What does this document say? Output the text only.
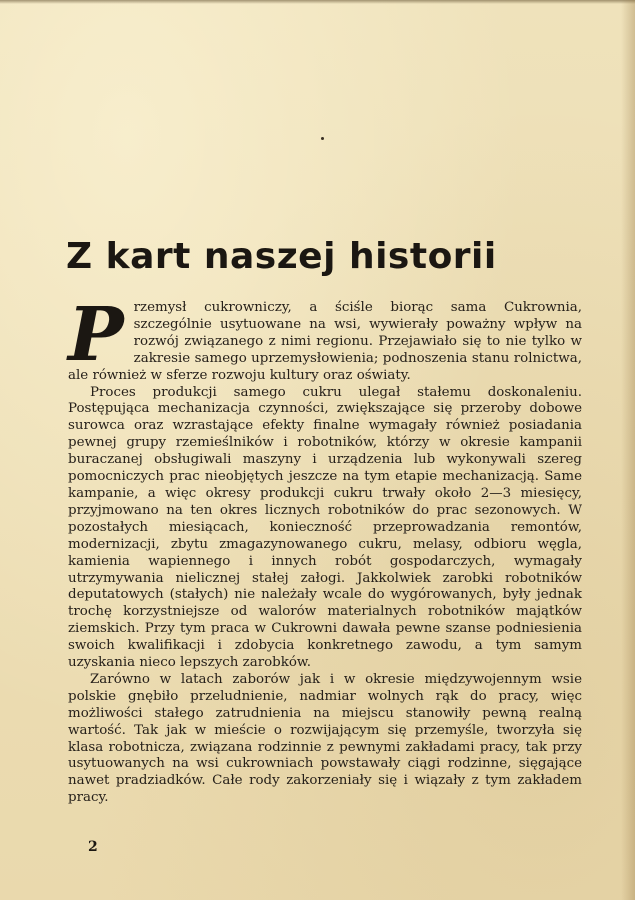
Z kart naszej historii

Przemysł cukrowniczy, a ściśle biorąc sama Cukrownia, szczególnie usytuowane na wsi, wywierały poważny wpływ na rozwój związanego z nimi regionu. Przejawiało się to nie tylko w zakresie samego uprzemysłowienia; podnoszenia stanu rolnictwa, ale również w sferze rozwoju kultury oraz oświaty.

Proces produkcji samego cukru ulegał stałemu doskonaleniu. Postępująca mechanizacja czynności, zwiększające się przeroby dobowe surowca oraz wzrastające efekty finalne wymagały również posiadania pewnej grupy rzemieślników i robotników, którzy w okresie kampanii buraczanej obsługiwali maszyny i urządzenia lub wykonywali szereg pomocniczych prac nieobjętych jeszcze na tym etapie mechanizacją. Same kampanie, a więc okresy produkcji cukru trwały około 2—3 miesięcy, przyjmowano na ten okres licznych robotników do prac sezonowych. W pozostałych miesiącach, konieczność przeprowadzania remontów, modernizacji, zbytu zmagazynowanego cukru, melasy, odbioru węgla, kamienia wapiennego i innych robót gospodarczych, wymagały utrzymywania nielicznej stałej załogi. Jakkolwiek zarobki robotników deputatowych (stałych) nie należały wcale do wygórowanych, były jednak trochę korzystniejsze od walorów materialnych robotników majątków ziemskich. Przy tym praca w Cukrowni dawała pewne szanse podniesienia swoich kwalifikacji i zdobycia konkretnego zawodu, a tym samym uzyskania nieco lepszych zarobków.

Zarówno w latach zaborów jak i w okresie międzywojennym wsie polskie gnębiło przeludnienie, nadmiar wolnych rąk do pracy, więc możliwości stałego zatrudnienia na miejscu stanowiły pewną realną wartość. Tak jak w mieście o rozwijającym się przemyśle, tworzyła się klasa robotnicza, związana rodzinnie z pewnymi zakładami pracy, tak przy usytuowanych na wsi cukrowniach powstawały ciągi rodzinne, sięgające nawet pradziadków. Całe rody zakorzeniały się i wiązały z tym zakładem pracy.

2
